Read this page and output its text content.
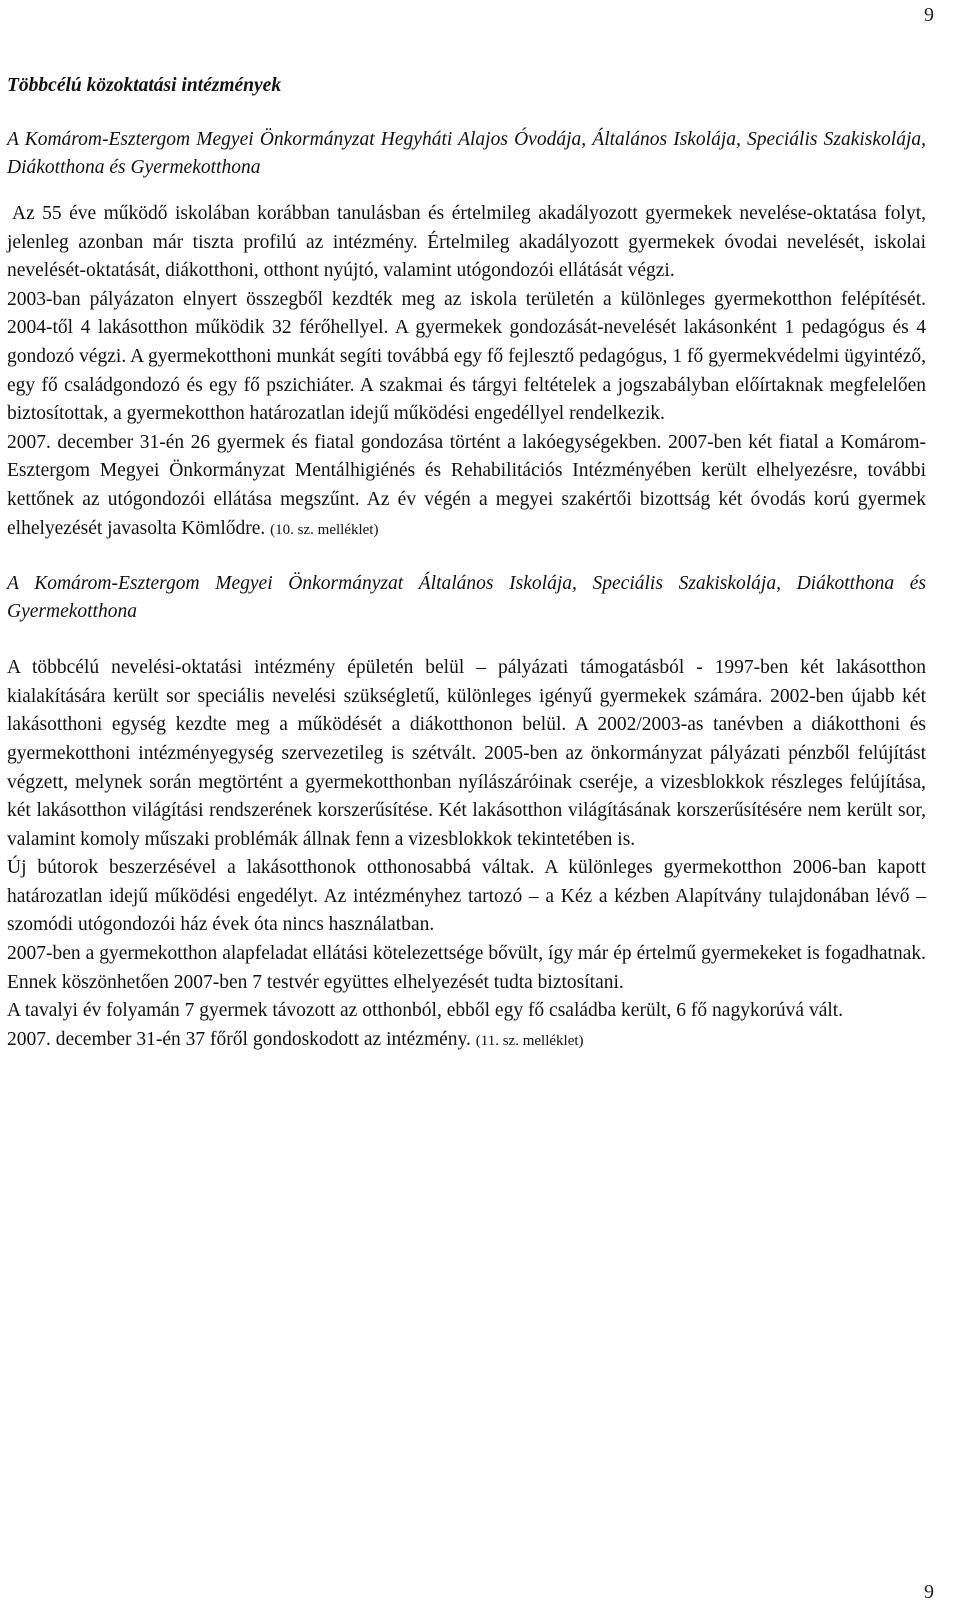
9
Többcélú közoktatási intézmények
A Komárom-Esztergom Megyei Önkormányzat Hegyháti Alajos Óvodája, Általános Iskolája, Speciális Szakiskolája, Diákotthona és Gyermekotthona

Az 55 éve működő iskolában korábban tanulásban és értelmileg akadályozott gyermekek nevelése-oktatása folyt, jelenleg azonban már tiszta profilú az intézmény. Értelmileg akadályozott gyermekek óvodai nevelését, iskolai nevelését-oktatását, diákotthoni, otthont nyújtó, valamint utógondozói ellátását végzi.

2003-ban pályázaton elnyert összegből kezdték meg az iskola területén a különleges gyermekotthon felépítését. 2004-től 4 lakásotthon működik 32 férőhellyel. A gyermekek gondozását-nevelését lakásonként 1 pedagógus és 4 gondozó végzi. A gyermekotthoni munkát segíti továbbá egy fő fejlesztő pedagógus, 1 fő gyermekvédelmi ügyintéző, egy fő családgondozó és egy fő pszichiáter. A szakmai és tárgyi feltételek a jogszabályban előírtaknak megfelelően biztosítottak, a gyermekotthon határozatlan idejű működési engedéllyel rendelkezik.

2007. december 31-én 26 gyermek és fiatal gondozása történt a lakóegységekben. 2007-ben két fiatal a Komárom-Esztergom Megyei Önkormányzat Mentálhigiénés és Rehabilitációs Intézményében került elhelyezésre, további kettőnek az utógondozói ellátása megszűnt. Az év végén a megyei szakértői bizottság két óvodás korú gyermek elhelyezését javasolta Kömlődre. (10. sz. melléklet)

A Komárom-Esztergom Megyei Önkormányzat Általános Iskolája, Speciális Szakiskolája, Diákotthona és Gyermekotthona

A többcélú nevelési-oktatási intézmény épületén belül – pályázati támogatásból - 1997-ben két lakásotthon kialakítására került sor speciális nevelési szükségletű, különleges igényű gyermekek számára. 2002-ben újabb két lakásotthoni egység kezdte meg a működését a diákotthonon belül. A 2002/2003-as tanévben a diákotthoni és gyermekotthoni intézményegység szervezetileg is szétvált. 2005-ben az önkormányzat pályázati pénzből felújítást végzett, melynek során megtörtént a gyermekotthonban nyílászáróinak cseréje, a vizesblokkok részleges felújítása, két lakásotthon világítási rendszerének korszerűsítése. Két lakásotthon világításának korszerűsítésére nem került sor, valamint komoly műszaki problémák állnak fenn a vizesblokkok tekintetében is.

Új bútorok beszerzésével a lakásotthonok otthonosabbá váltak. A különleges gyermekotthon 2006-ban kapott határozatlan idejű működési engedélyt. Az intézményhez tartozó – a Kéz a kézben Alapítvány tulajdonában lévő – szomódi utógondozói ház évek óta nincs használatban.

2007-ben a gyermekotthon alapfeladat ellátási kötelezettsége bővült, így már ép értelmű gyermekeket is fogadhatnak. Ennek köszönhetően 2007-ben 7 testvér együttes elhelyezését tudta biztosítani.

A tavalyi év folyamán 7 gyermek távozott az otthonból, ebből egy fő családba került, 6 fő nagykorúvá vált.

2007. december 31-én 37 főről gondoskodott az intézmény. (11. sz. melléklet)

9
